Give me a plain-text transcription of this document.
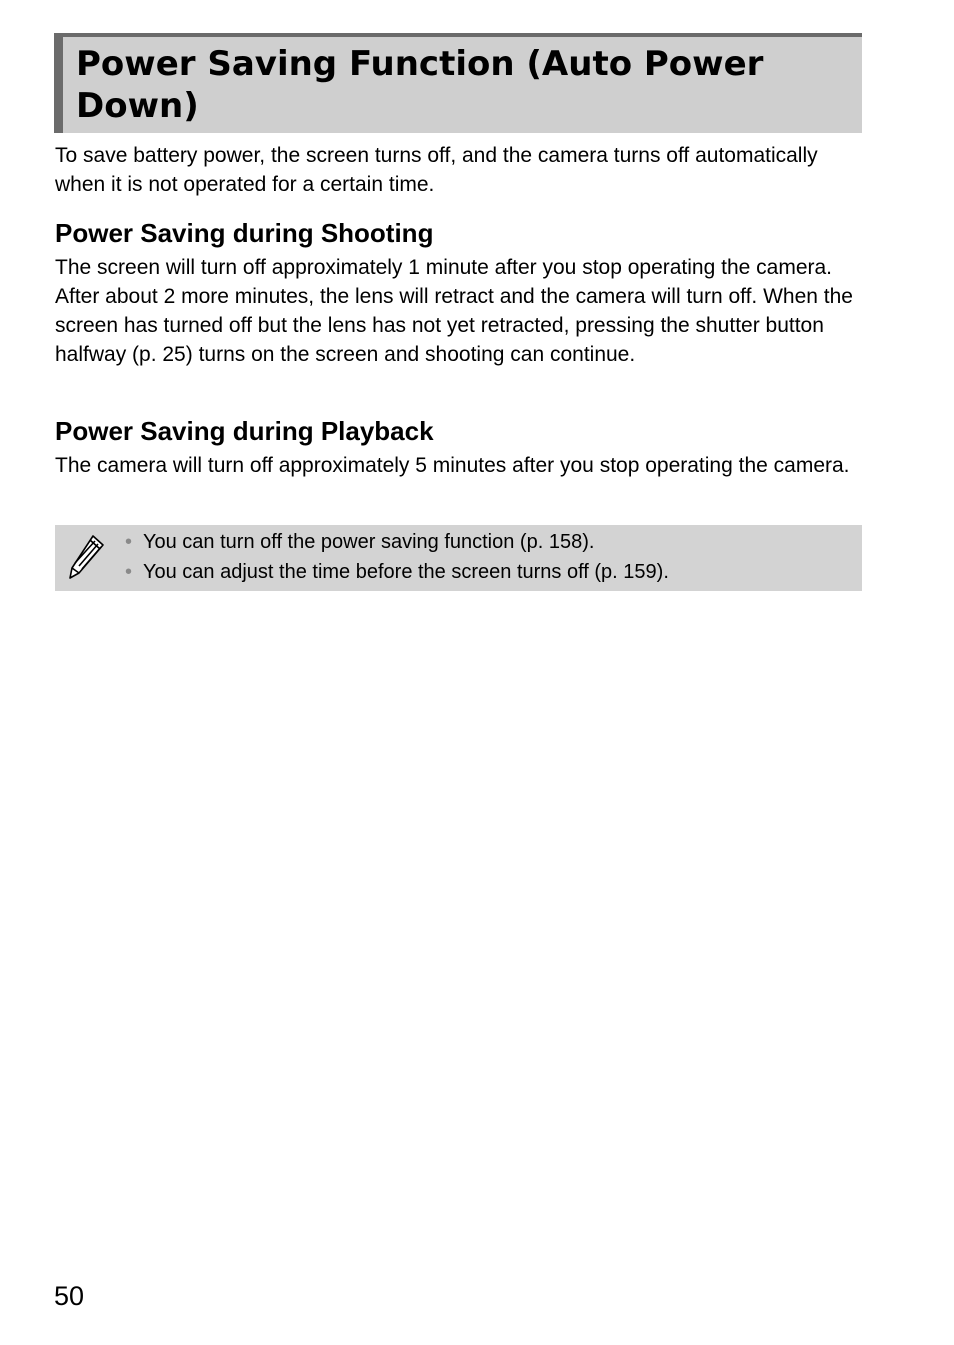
Power Saving Function (Auto Power Down)

To save battery power, the screen turns off, and the camera turns off automatically when it is not operated for a certain time.

Power Saving during Shooting

The screen will turn off approximately 1 minute after you stop operating the camera. After about 2 more minutes, the lens will retract and the camera will turn off. When the screen has turned off but the lens has not yet retracted, pressing the shutter button halfway (p. 25) turns on the screen and shooting can continue.

Power Saving during Playback

The camera will turn off approximately 5 minutes after you stop operating the camera.

• You can turn off the power saving function (p. 158).
• You can adjust the time before the screen turns off (p. 159).

50
